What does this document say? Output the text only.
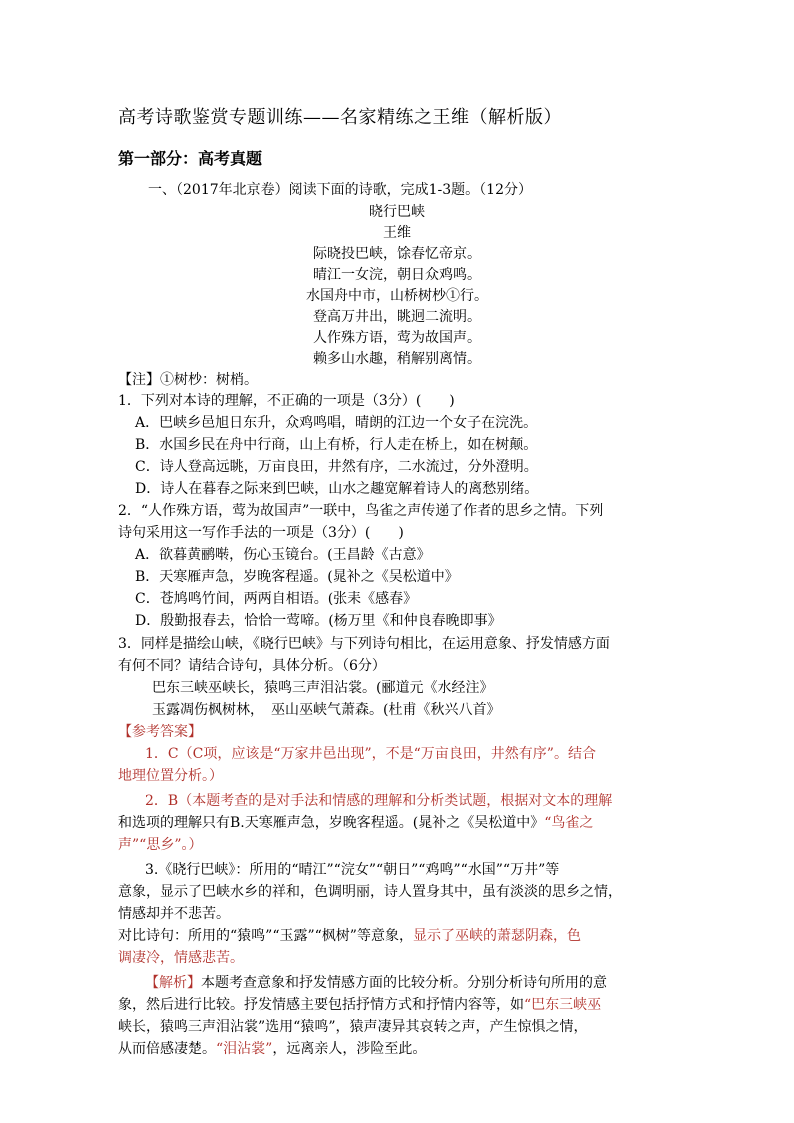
高考诗歌鉴赏专题训练——名家精练之王维（解析版）
第一部分：高考真题
一、（2017年北京卷）阅读下面的诗歌，完成1-3题。（12分）
晓行巴峡
王维
际晓投巴峡，馀春忆帝京。
晴江一女浣，朝日众鸡鸣。
水国舟中市，山桥树杪①行。
登高万井出，眺迥二流明。
人作殊方语，莺为故国声。
赖多山水趣，稍解别离情。
【注】①树杪：树梢。
1．下列对本诗的理解，不正确的一项是（3分）(　　)
A．巴峡乡邑旭日东升，众鸡鸣唱，晴朗的江边一个女子在浣洗。
B．水国乡民在舟中行商，山上有桥，行人走在桥上，如在树颠。
C．诗人登高远眺，万亩良田，井然有序，二水流过，分外澄明。
D．诗人在暮春之际来到巴峡，山水之趣宽解着诗人的离愁别绪。
2．“人作殊方语，莺为故国声”一联中，鸟雀之声传递了作者的思乡之情。下列
诗句采用这一写作手法的一项是（3分）(　　)
A．欲暮黄鹂啭，伤心玉镜台。(王昌龄《古意》
B．天寒雁声急，岁晚客程遥。(晁补之《吴松道中》
C．苍鸠鸣竹间，两两自相语。(张耒《感春》
D．殷勤报春去，恰恰一莺啼。(杨万里《和仲良春晚即事》
3．同样是描绘山峡，《晓行巴峡》与下列诗句相比，在运用意象、抒发情感方面
有何不同？请结合诗句，具体分析。（6分）
巴东三峡巫峡长，猿鸣三声泪沾裳。(郦道元《水经注》
玉露凋伤枫树林，　巫山巫峡气萧森。(杜甫《秋兴八首》
【参考答案】
1．C（C项，应该是“万家井邑出现”，不是“万亩良田，井然有序”。结合
地理位置分析。）
2．B（本题考查的是对手法和情感的理解和分析类试题，根据对文本的理解
和选项的理解只有B.天寒雁声急，岁晚客程遥。(晁补之《吴松道中》“鸟雀之
声”“思乡”。）
3.《晓行巴峡》：所用的“晴江”“浣女”“朝日”“鸡鸣”“水国”“万井”等
意象，显示了巴峡水乡的祥和，色调明丽，诗人置身其中，虽有淡淡的思乡之情，
情感却并不悲苦。
对比诗句：所用的“猿鸣”“玉露”“枫树”等意象，显示了巫峡的萧瑟阴森，色
调凄冷，情感悲苦。
【解析】本题考查意象和抒发情感方面的比较分析。分别分析诗句所用的意
象，然后进行比较。抒发情感主要包括抒情方式和抒情内容等，如“巴东三峡巫
峡长，猿鸣三声泪沾裳”选用“猿鸣”，猿声凄异其哀转之声，产生惊惧之情，
从而倍感凄楚。“泪沾裳”，远离亲人，涉险至此。
